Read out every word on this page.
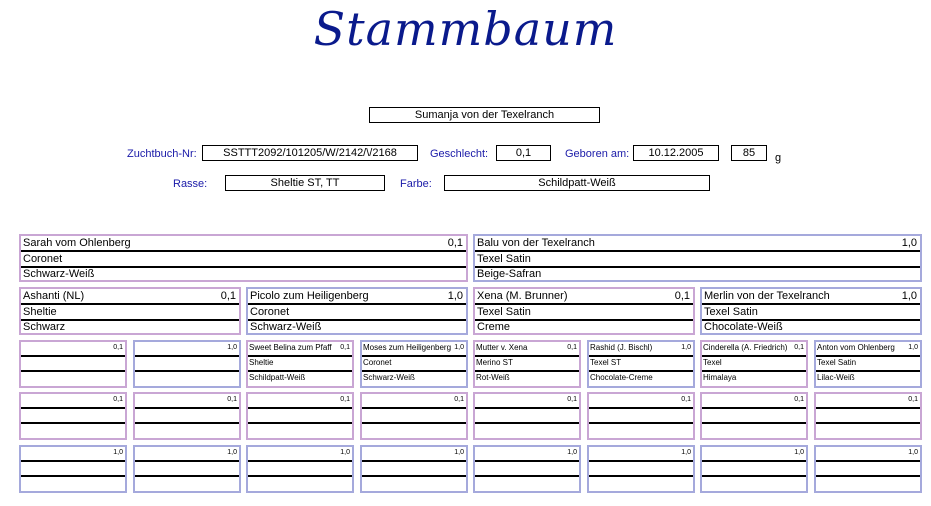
Stammbaum
Sumanja von der Texelranch
Zuchtbuch-Nr:	SSTTT2092/101205/W/2142/\/2168	Geschlecht:	0,1	Geboren am:	10.12.2005	85	g
Rasse:	Sheltie ST, TT	Farbe:	Schildpatt-Weiß
Sarah vom Ohlenberg	0,1
Coronet
Schwarz-Weiß
Balu von der Texelranch	1,0
Texel Satin
Beige-Safran
Ashanti (NL)	0,1
Sheltie
Schwarz
Picolo zum Heiligenberg	1,0
Coronet
Schwarz-Weiß
Xena (M. Brunner)	0,1
Texel Satin
Creme
Merlin von der Texelranch	1,0
Texel Satin
Chocolate-Weiß
0,1	1,0 Sweet Belina zum Pfaff	0,1
Sheltie
Schildpatt-Weiß
Moses zum Heiligenberg 1,0
Coronet
Schwarz-Weiß
Mutter v. Xena	0,1
Merino ST
Rot-Weiß
Rashid (J. Bischl)	1,0
Texel ST
Chocolate-Creme
Cinderella (A. Friedrich) 0,1
Texel
Himalaya
Anton vom Ohlenberg	1,0
Texel Satin
Lilac-Weiß
0,1	0,1	0,1	0,1	0,1	0,1	0,1	0,1
1,0	1,0	1,0	1,0	1,0	1,0	1,0	1,0
